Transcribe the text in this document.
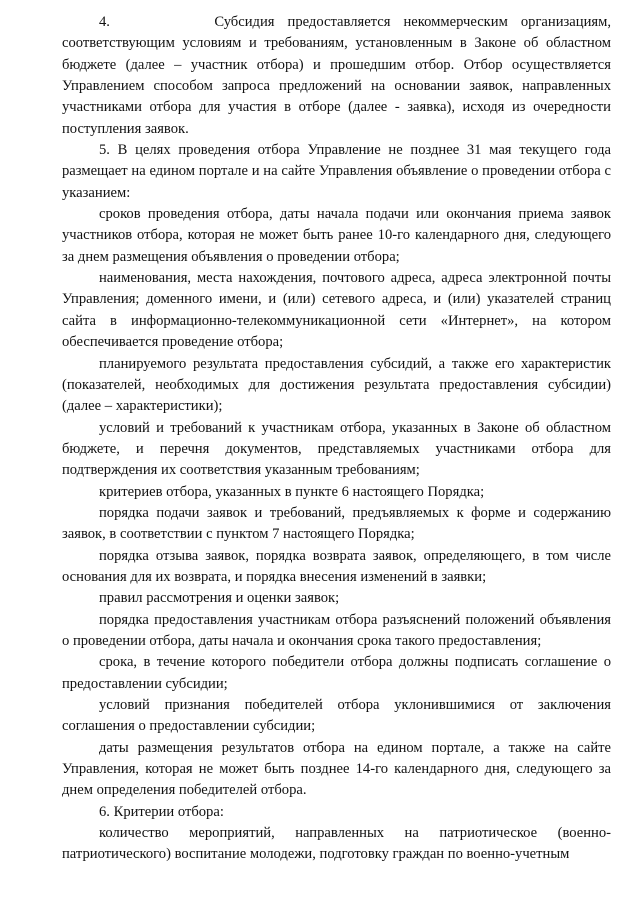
4.        Субсидия предоставляется некоммерческим организациям, соответствующим условиям и требованиям, установленным в Законе об областном бюджете (далее – участник отбора) и прошедшим отбор. Отбор осуществляется Управлением способом запроса предложений на основании заявок, направленных участниками отбора для участия в отборе (далее - заявка), исходя из очередности поступления заявок.

5. В целях проведения отбора Управление не позднее 31 мая текущего года размещает на едином портале и на сайте Управления объявление о проведении отбора с указанием:

сроков проведения отбора, даты начала подачи или окончания приема заявок участников отбора, которая не может быть ранее 10-го календарного дня, следующего за днем размещения объявления о проведении отбора;

наименования, места нахождения, почтового адреса, адреса электронной почты Управления; доменного имени, и (или) сетевого адреса, и (или) указателей страниц сайта в информационно-телекоммуникационной сети «Интернет», на котором обеспечивается проведение отбора;

планируемого результата предоставления субсидий, а также его характеристик (показателей, необходимых для достижения результата предоставления субсидии) (далее – характеристики);

условий и требований к участникам отбора, указанных в Законе об областном бюджете, и перечня документов, представляемых участниками отбора для подтверждения их соответствия указанным требованиям;

критериев отбора, указанных в пункте 6 настоящего Порядка;

порядка подачи заявок и требований, предъявляемых к форме и содержанию заявок, в соответствии с пунктом 7 настоящего Порядка;

порядка отзыва заявок, порядка возврата заявок, определяющего, в том числе основания для их возврата, и порядка внесения изменений в заявки;

правил рассмотрения и оценки заявок;

порядка предоставления участникам отбора разъяснений положений объявления о проведении отбора, даты начала и окончания срока такого предоставления;

срока, в течение которого победители отбора должны подписать соглашение о предоставлении субсидии;

условий признания победителей отбора уклонившимися от заключения соглашения о предоставлении субсидии;

даты размещения результатов отбора на едином портале, а также на сайте Управления, которая не может быть позднее 14-го календарного дня, следующего за днем определения победителей отбора.

6. Критерии отбора:

количество мероприятий, направленных на патриотическое (военно-патриотического) воспитание молодежи, подготовку граждан по военно-учетным
